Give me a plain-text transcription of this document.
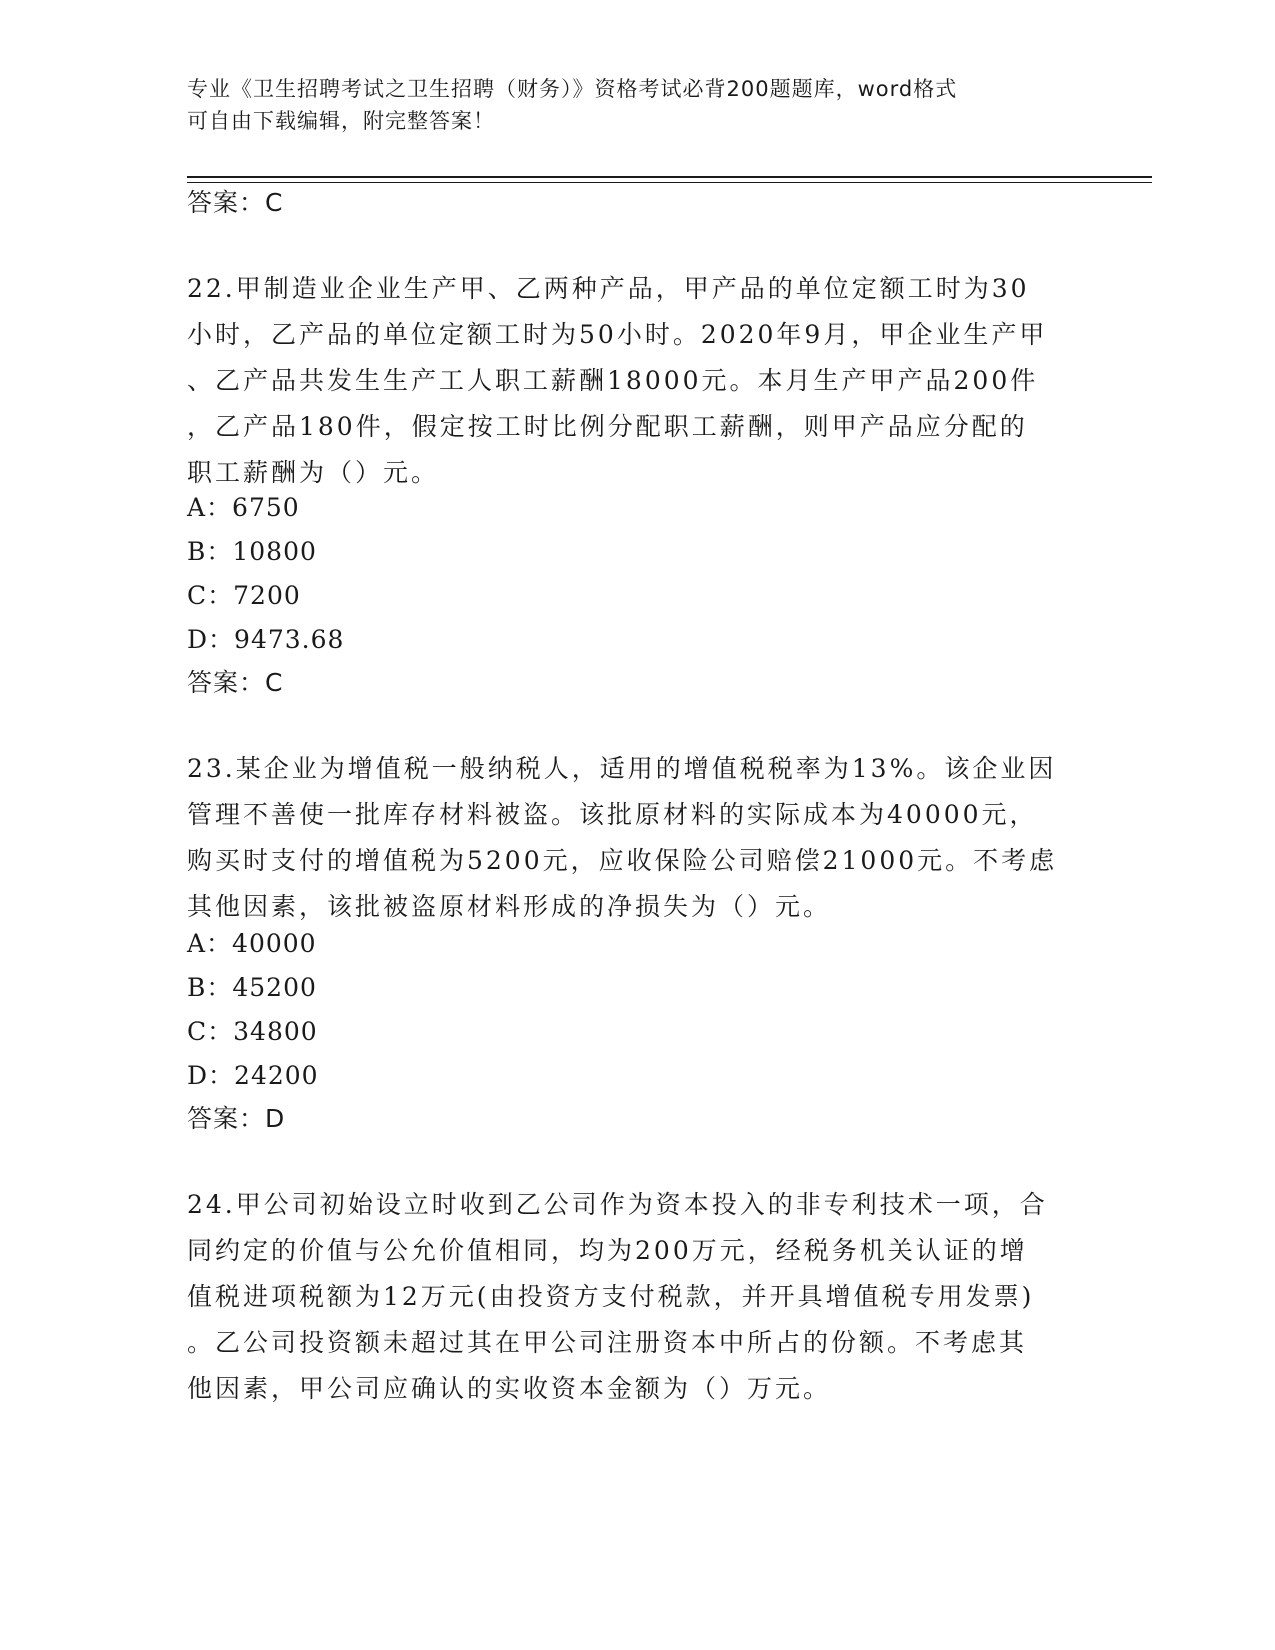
专业《卫生招聘考试之卫生招聘（财务）》资格考试必背200题题库，word格式
可自由下载编辑，附完整答案！
答案：C
22.甲制造业企业生产甲、乙两种产品，甲产品的单位定额工时为30
小时，乙产品的单位定额工时为50小时。2020年9月，甲企业生产甲
、乙产品共发生生产工人职工薪酬18000元。本月生产甲产品200件
，乙产品180件，假定按工时比例分配职工薪酬，则甲产品应分配的
职工薪酬为（）元。
A：6750
B：10800
C：7200
D：9473.68
答案：C
23.某企业为增值税一般纳税人，适用的增值税税率为13%。该企业因
管理不善使一批库存材料被盗。该批原材料的实际成本为40000元，
购买时支付的增值税为5200元，应收保险公司赔偿21000元。不考虑
其他因素，该批被盗原材料形成的净损失为（）元。
A：40000
B：45200
C：34800
D：24200
答案：D
24.甲公司初始设立时收到乙公司作为资本投入的非专利技术一项，合
同约定的价值与公允价值相同，均为200万元，经税务机关认证的增
值税进项税额为12万元(由投资方支付税款，并开具增值税专用发票)
。乙公司投资额未超过其在甲公司注册资本中所占的份额。不考虑其
他因素，甲公司应确认的实收资本金额为（）万元。
